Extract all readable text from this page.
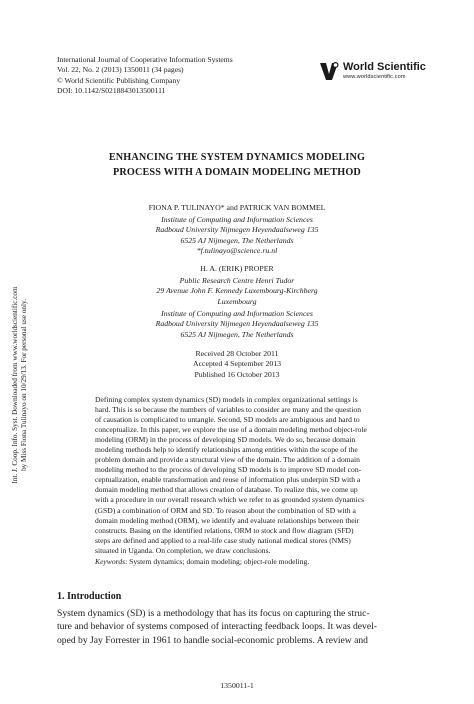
International Journal of Cooperative Information Systems
Vol. 22, No. 2 (2013) 1350011 (34 pages)
© World Scientific Publishing Company
DOI: 10.1142/S0218843013500111
World Scientific
www.worldscientific.com
ENHANCING THE SYSTEM DYNAMICS MODELING
PROCESS WITH A DOMAIN MODELING METHOD
FIONA P. TULINAYO* and PATRICK VAN BOMMEL
Institute of Computing and Information Sciences
Radboud University Nijmegen Heyendaalseweg 135
6525 AJ Nijmegen, The Netherlands
*f.tulinayo@science.ru.nl
H. A. (ERIK) PROPER
Public Research Centre Henri Tudor
29 Avenue John F. Kennedy Luxembourg-Kirchberg
Luxembourg
Institute of Computing and Information Sciences
Radboud University Nijmegen Heyendaalseweg 135
6525 AJ Nijmegen, The Netherlands
Received 28 October 2011
Accepted 4 September 2013
Published 16 October 2013
Defining complex system dynamics (SD) models in complex organizational settings is
hard. This is so because the numbers of variables to consider are many and the question
of causation is complicated to untangle. Second, SD models are ambiguous and hard to
conceptualize. In this paper, we explore the use of a domain modeling method object-role
modeling (ORM) in the process of developing SD models. We do so, because domain
modeling methods help to identify relationships among entities within the scope of the
problem domain and provide a structural view of the domain. The addition of a domain
modeling method to the process of developing SD models is to improve SD model con-
ceptualization, enable transformation and reuse of information plus underpin SD with a
domain modeling method that allows creation of database. To realize this, we come up
with a procedure in our overall research which we refer to as grounded system dynamics
(GSD) a combination of ORM and SD. To reason about the combination of SD with a
domain modeling method (ORM), we identify and evaluate relationships between their
constructs. Basing on the identified relations, ORM to stock and flow diagram (SFD)
steps are defined and applied to a real-life case study national medical stores (NMS)
situated in Uganda. On completion, we draw conclusions.
Keywords: System dynamics; domain modeling; object-role modeling.
1. Introduction
System dynamics (SD) is a methodology that has its focus on capturing the struc-
ture and behavior of systems composed of interacting feedback loops. It was devel-
oped by Jay Forrester in 1961 to handle social-economic problems. A review and
1350011-1
Int. J. Coop. Info. Syst. Downloaded from www.worldscientific.com by Miss Fiona Tulinayo on 10/29/13. For personal use only.
